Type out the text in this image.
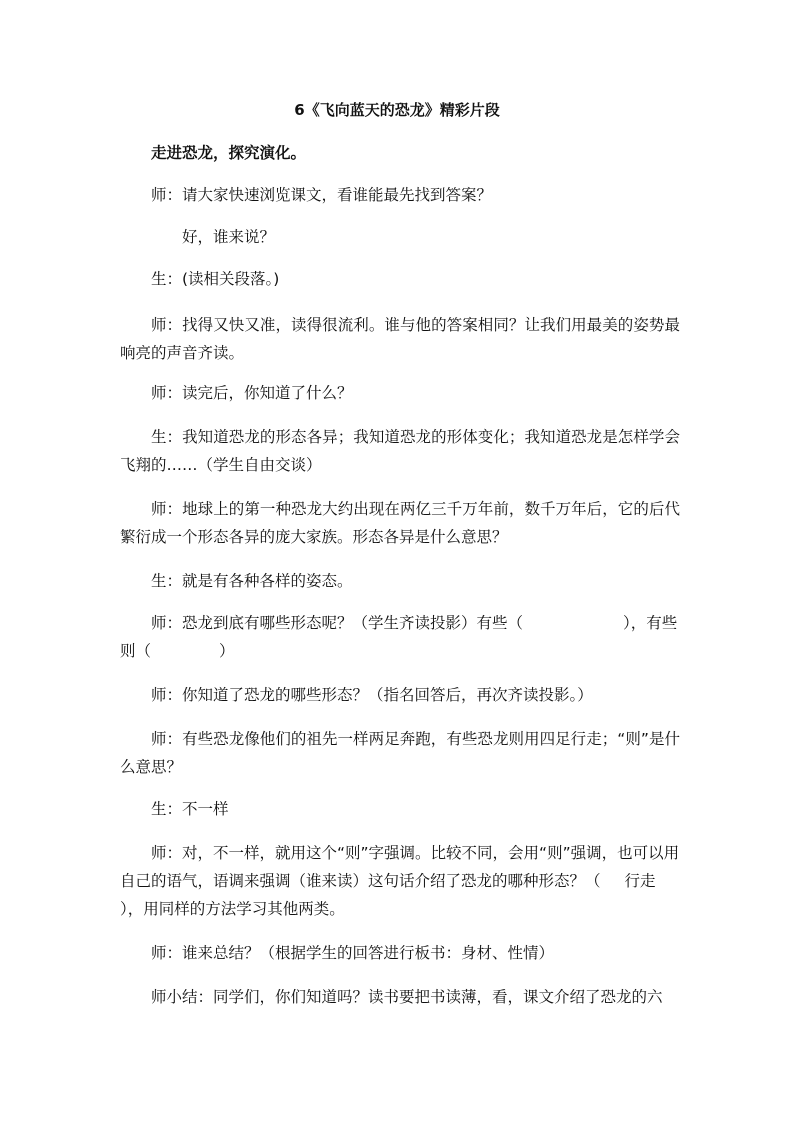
6《飞向蓝天的恐龙》精彩片段

走进恐龙，探究演化。

师：请大家快速浏览课文，看谁能最先找到答案？

好，谁来说？

生：(读相关段落。)

师：找得又快又准，读得很流利。谁与他的答案相同？让我们用最美的姿势最响亮的声音齐读。

师：读完后，你知道了什么？

生：我知道恐龙的形态各异；我知道恐龙的形体变化；我知道恐龙是怎样学会飞翔的……（学生自由交谈）

师：地球上的第一种恐龙大约出现在两亿三千万年前，数千万年后，它的后代繁衍成一个形态各异的庞大家族。形态各异是什么意思？

生：就是有各种各样的姿态。

师：恐龙到底有哪些形态呢？（学生齐读投影）有些（	），有些则（	）

师：你知道了恐龙的哪些形态？（指名回答后，再次齐读投影。）

师：有些恐龙像他们的祖先一样两足奔跑，有些恐龙则用四足行走；“则”是什么意思？

生：不一样

师：对，不一样，就用这个“则”字强调。比较不同，会用“则”强调，也可以用自己的语气，语调来强调（谁来读）这句话介绍了恐龙的哪种形态？（ 行走），用同样的方法学习其他两类。

师：谁来总结？（根据学生的回答进行板书：身材、性情）

师小结：同学们，你们知道吗？读书要把书读薄，看，课文介绍了恐龙的六
